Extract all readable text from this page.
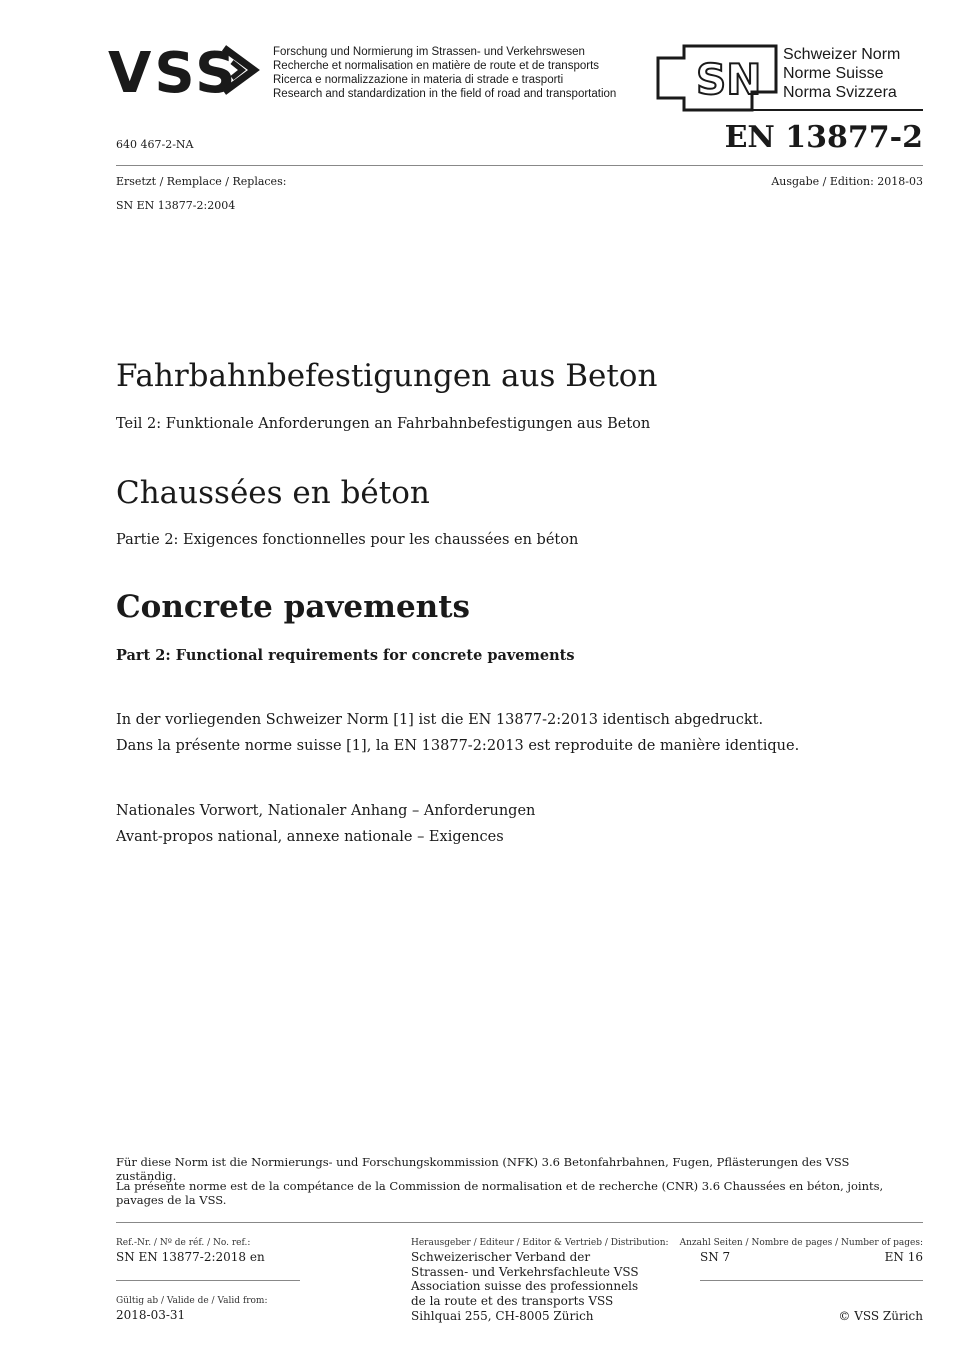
VSS	Forschung und Normierung im Strassen- und Verkehrswesen
Recherche et normalisation en matière de route et de transports
Ricerca e normalizzazione in materia di strade e trasporti
Research and standardization in the field of road and transportation SN
Schweizer Norm
Norme Suisse
Norma Svizzera
640 467-2-NA	EN 13877-2
Ersetzt / Remplace / Replaces:
SN EN 13877-2:2004
Ausgabe / Edition: 2018-03
Fahrbahnbefestigungen aus Beton
Teil 2: Funktionale Anforderungen an Fahrbahnbefestigungen aus Beton
Chaussées en béton
Partie 2: Exigences fonctionnelles pour les chaussées en béton
Concrete pavements
Part 2: Functional requirements for concrete pavements
In der vorliegenden Schweizer Norm [1] ist die EN 13877-2:2013 identisch abgedruckt.
Dans la présente norme suisse [1], la EN 13877-2:2013 est reproduite de manière identique.
Nationales Vorwort, Nationaler Anhang – Anforderungen
Avant-propos national, annexe nationale – Exigences
Für diese Norm ist die Normierungs- und Forschungskommission (NFK) 3.6 Betonfahrbahnen, Fugen, Pflästerungen des VSS zuständig.
La présente norme est de la compétance de la Commission de normalisation et de recherche (CNR) 3.6 Chaussées en béton, joints, pavages de la VSS.
Ref.-Nr. / Nº de réf. / No. ref.:
SN EN 13877-2:2018 en
Gültig ab / Valide de / Valid from:
2018-03-31
Herausgeber / Editeur / Editor & Vertrieb / Distribution:
Schweizerischer Verband der
Strassen- und Verkehrsfachleute VSS
Association suisse des professionnels
de la route et des transports VSS
Sihlquai 255, CH-8005 Zürich
Anzahl Seiten / Nombre de pages / Number of pages:
SN 7	EN 16
© VSS Zürich
